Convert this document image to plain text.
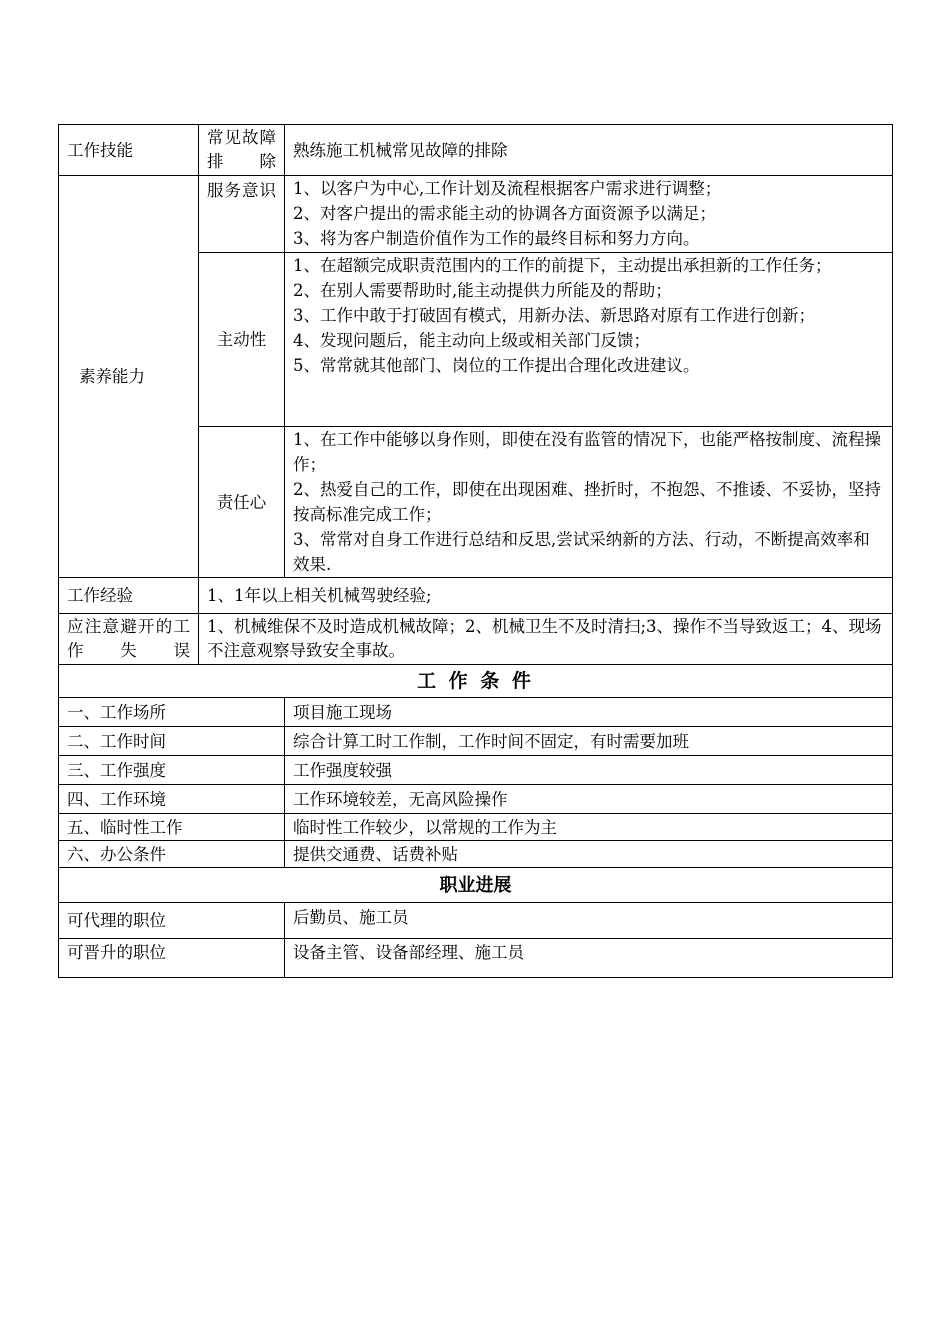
工作技能	常见故障排除	熟练施工机械常见故障的排除
素养能力	服务意识	1、以客户为中心,工作计划及流程根据客户需求进行调整；
2、对客户提出的需求能主动的协调各方面资源予以满足；
3、将为客户制造价值作为工作的最终目标和努力方向。

	主动性	1、在超额完成职责范围内的工作的前提下，主动提出承担新的工作任务；
2、在别人需要帮助时,能主动提供力所能及的帮助；
3、工作中敢于打破固有模式，用新办法、新思路对原有工作进行创新；
4、发现问题后，能主动向上级或相关部门反馈；
5、常常就其他部门、岗位的工作提出合理化改进建议。

	责任心	1、在工作中能够以身作则，即使在没有监管的情况下，也能严格按制度、流程操作；
2、热爱自己的工作，即使在出现困难、挫折时，不抱怨、不推诿、不妥协，坚持按高标准完成工作；
3、常常对自身工作进行总结和反思,尝试采纳新的方法、行动，不断提高效率和效果.

工作经验	1、1年以上相关机械驾驶经验;	
应注意避开的工作失误	1、机械维保不及时造成机械故障；2、机械卫生不及时清扫;3、操作不当导致返工；4、现场不注意观察导致安全事故。	
工 作 条 件		
一、工作场所		项目施工现场
二、工作时间		综合计算工时工作制，工作时间不固定，有时需要加班
三、工作强度		工作强度较强
四、工作环境		工作环境较差，无高风险操作
五、临时性工作		临时性工作较少，以常规的工作为主
六、办公条件		提供交通费、话费补贴
职业进展		
可代理的职位		后勤员、施工员
可晋升的职位		设备主管、设备部经理、施工员
